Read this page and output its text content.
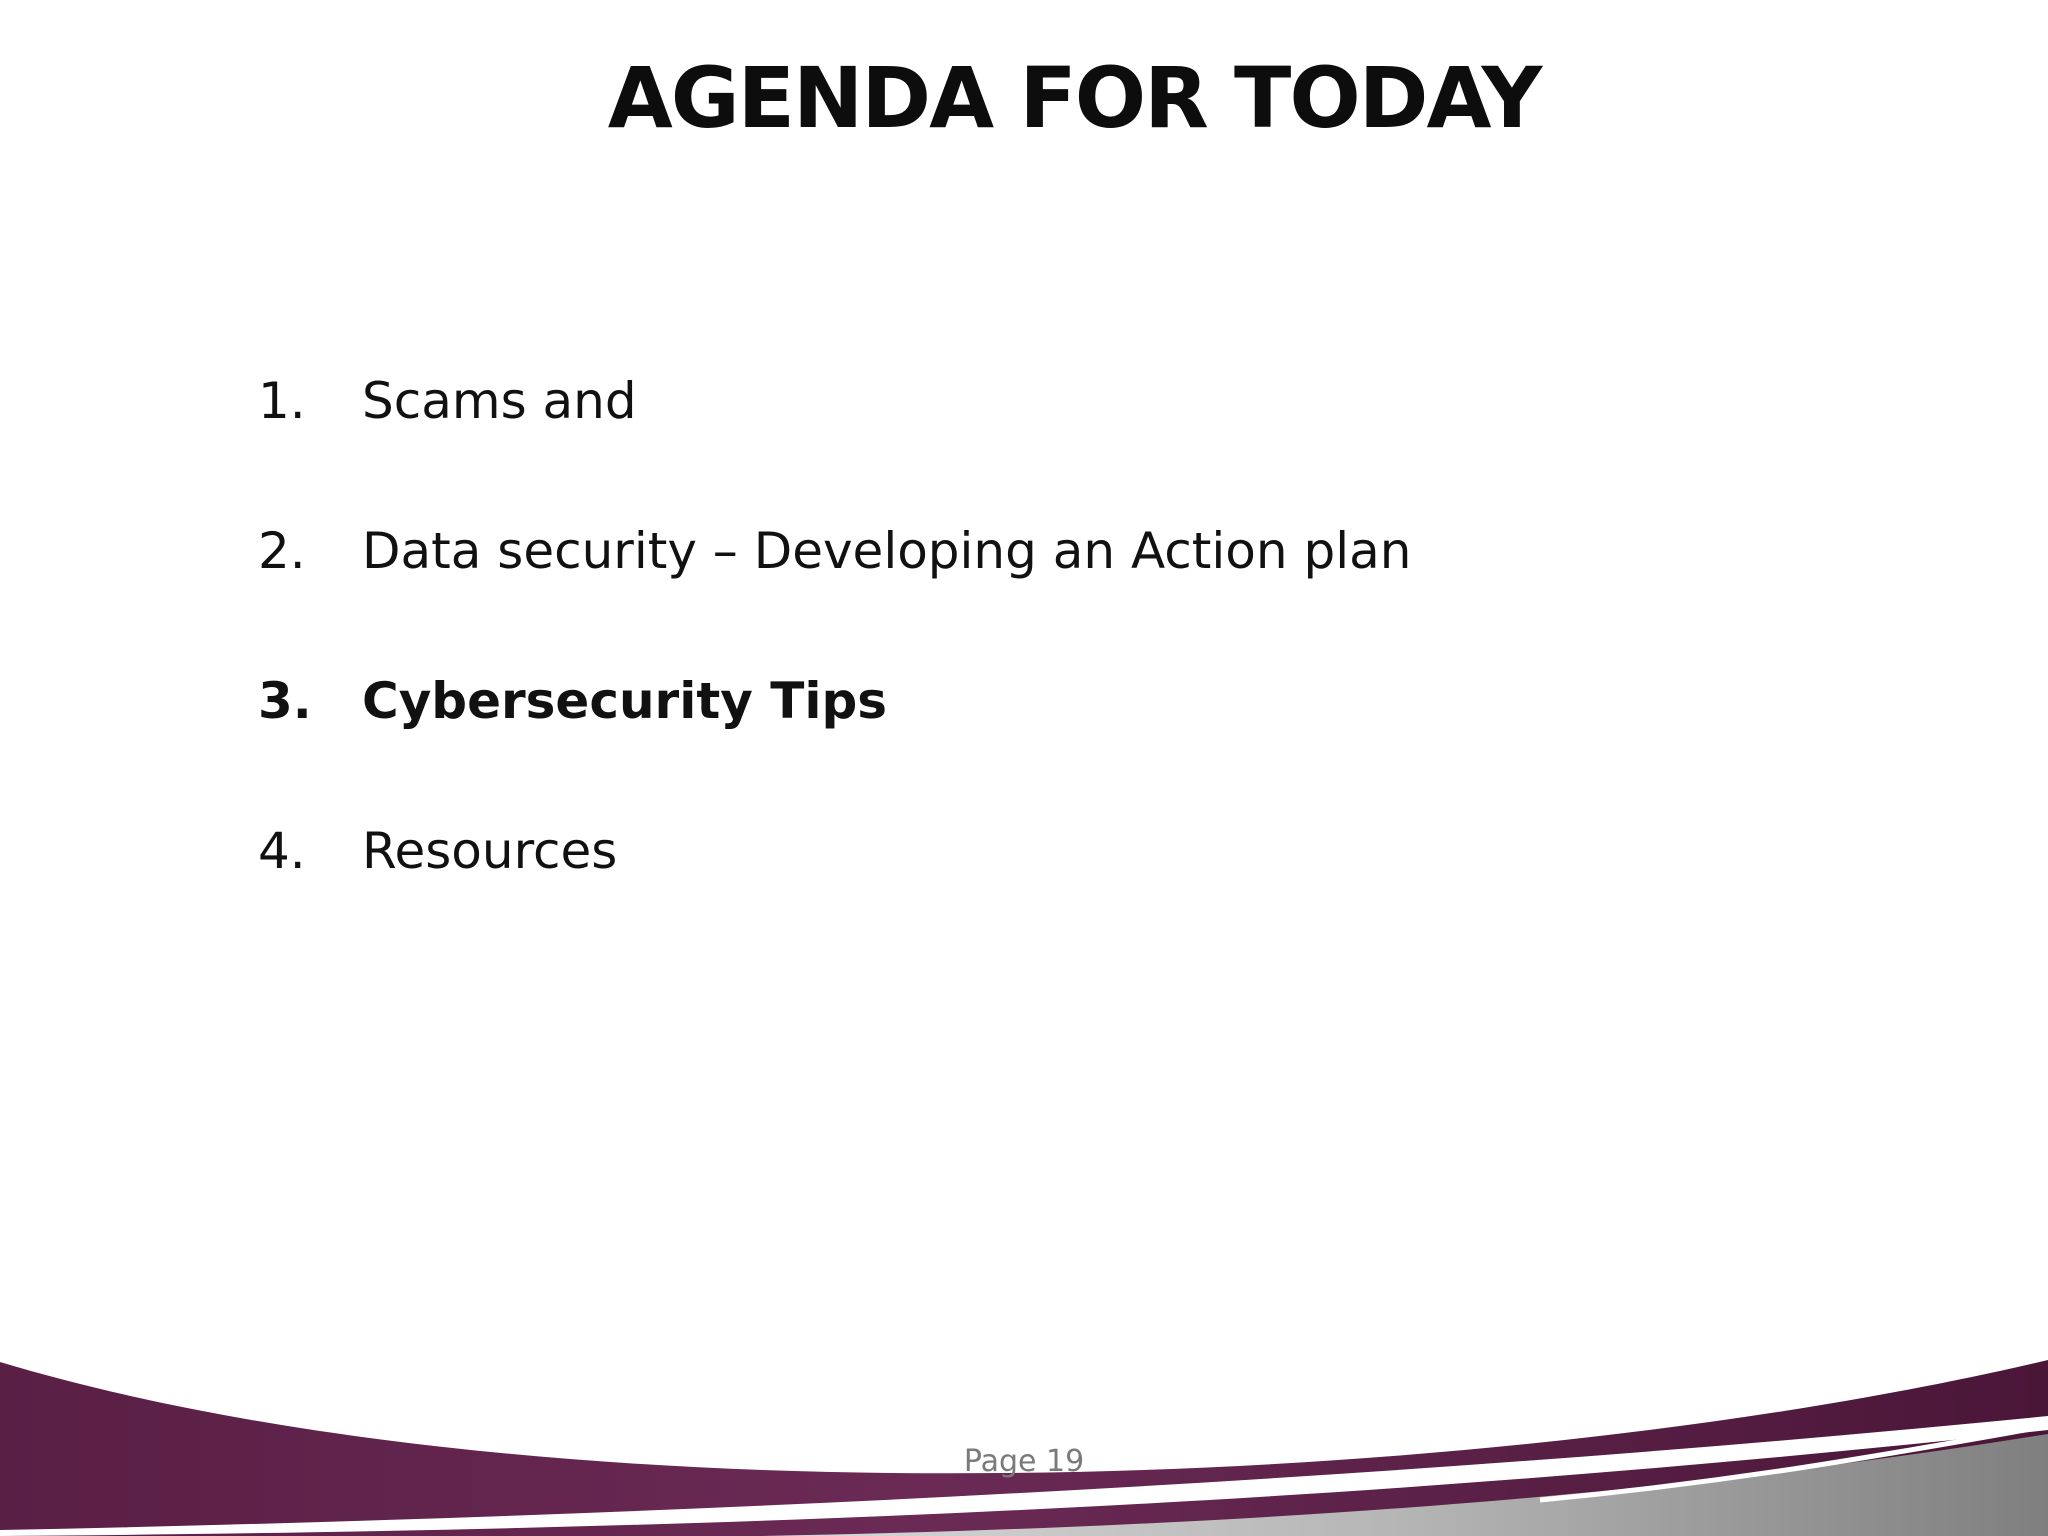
AGENDA FOR TODAY
1. Scams and
2. Data security – Developing an Action plan
3. Cybersecurity Tips
4. Resources
Page 19
